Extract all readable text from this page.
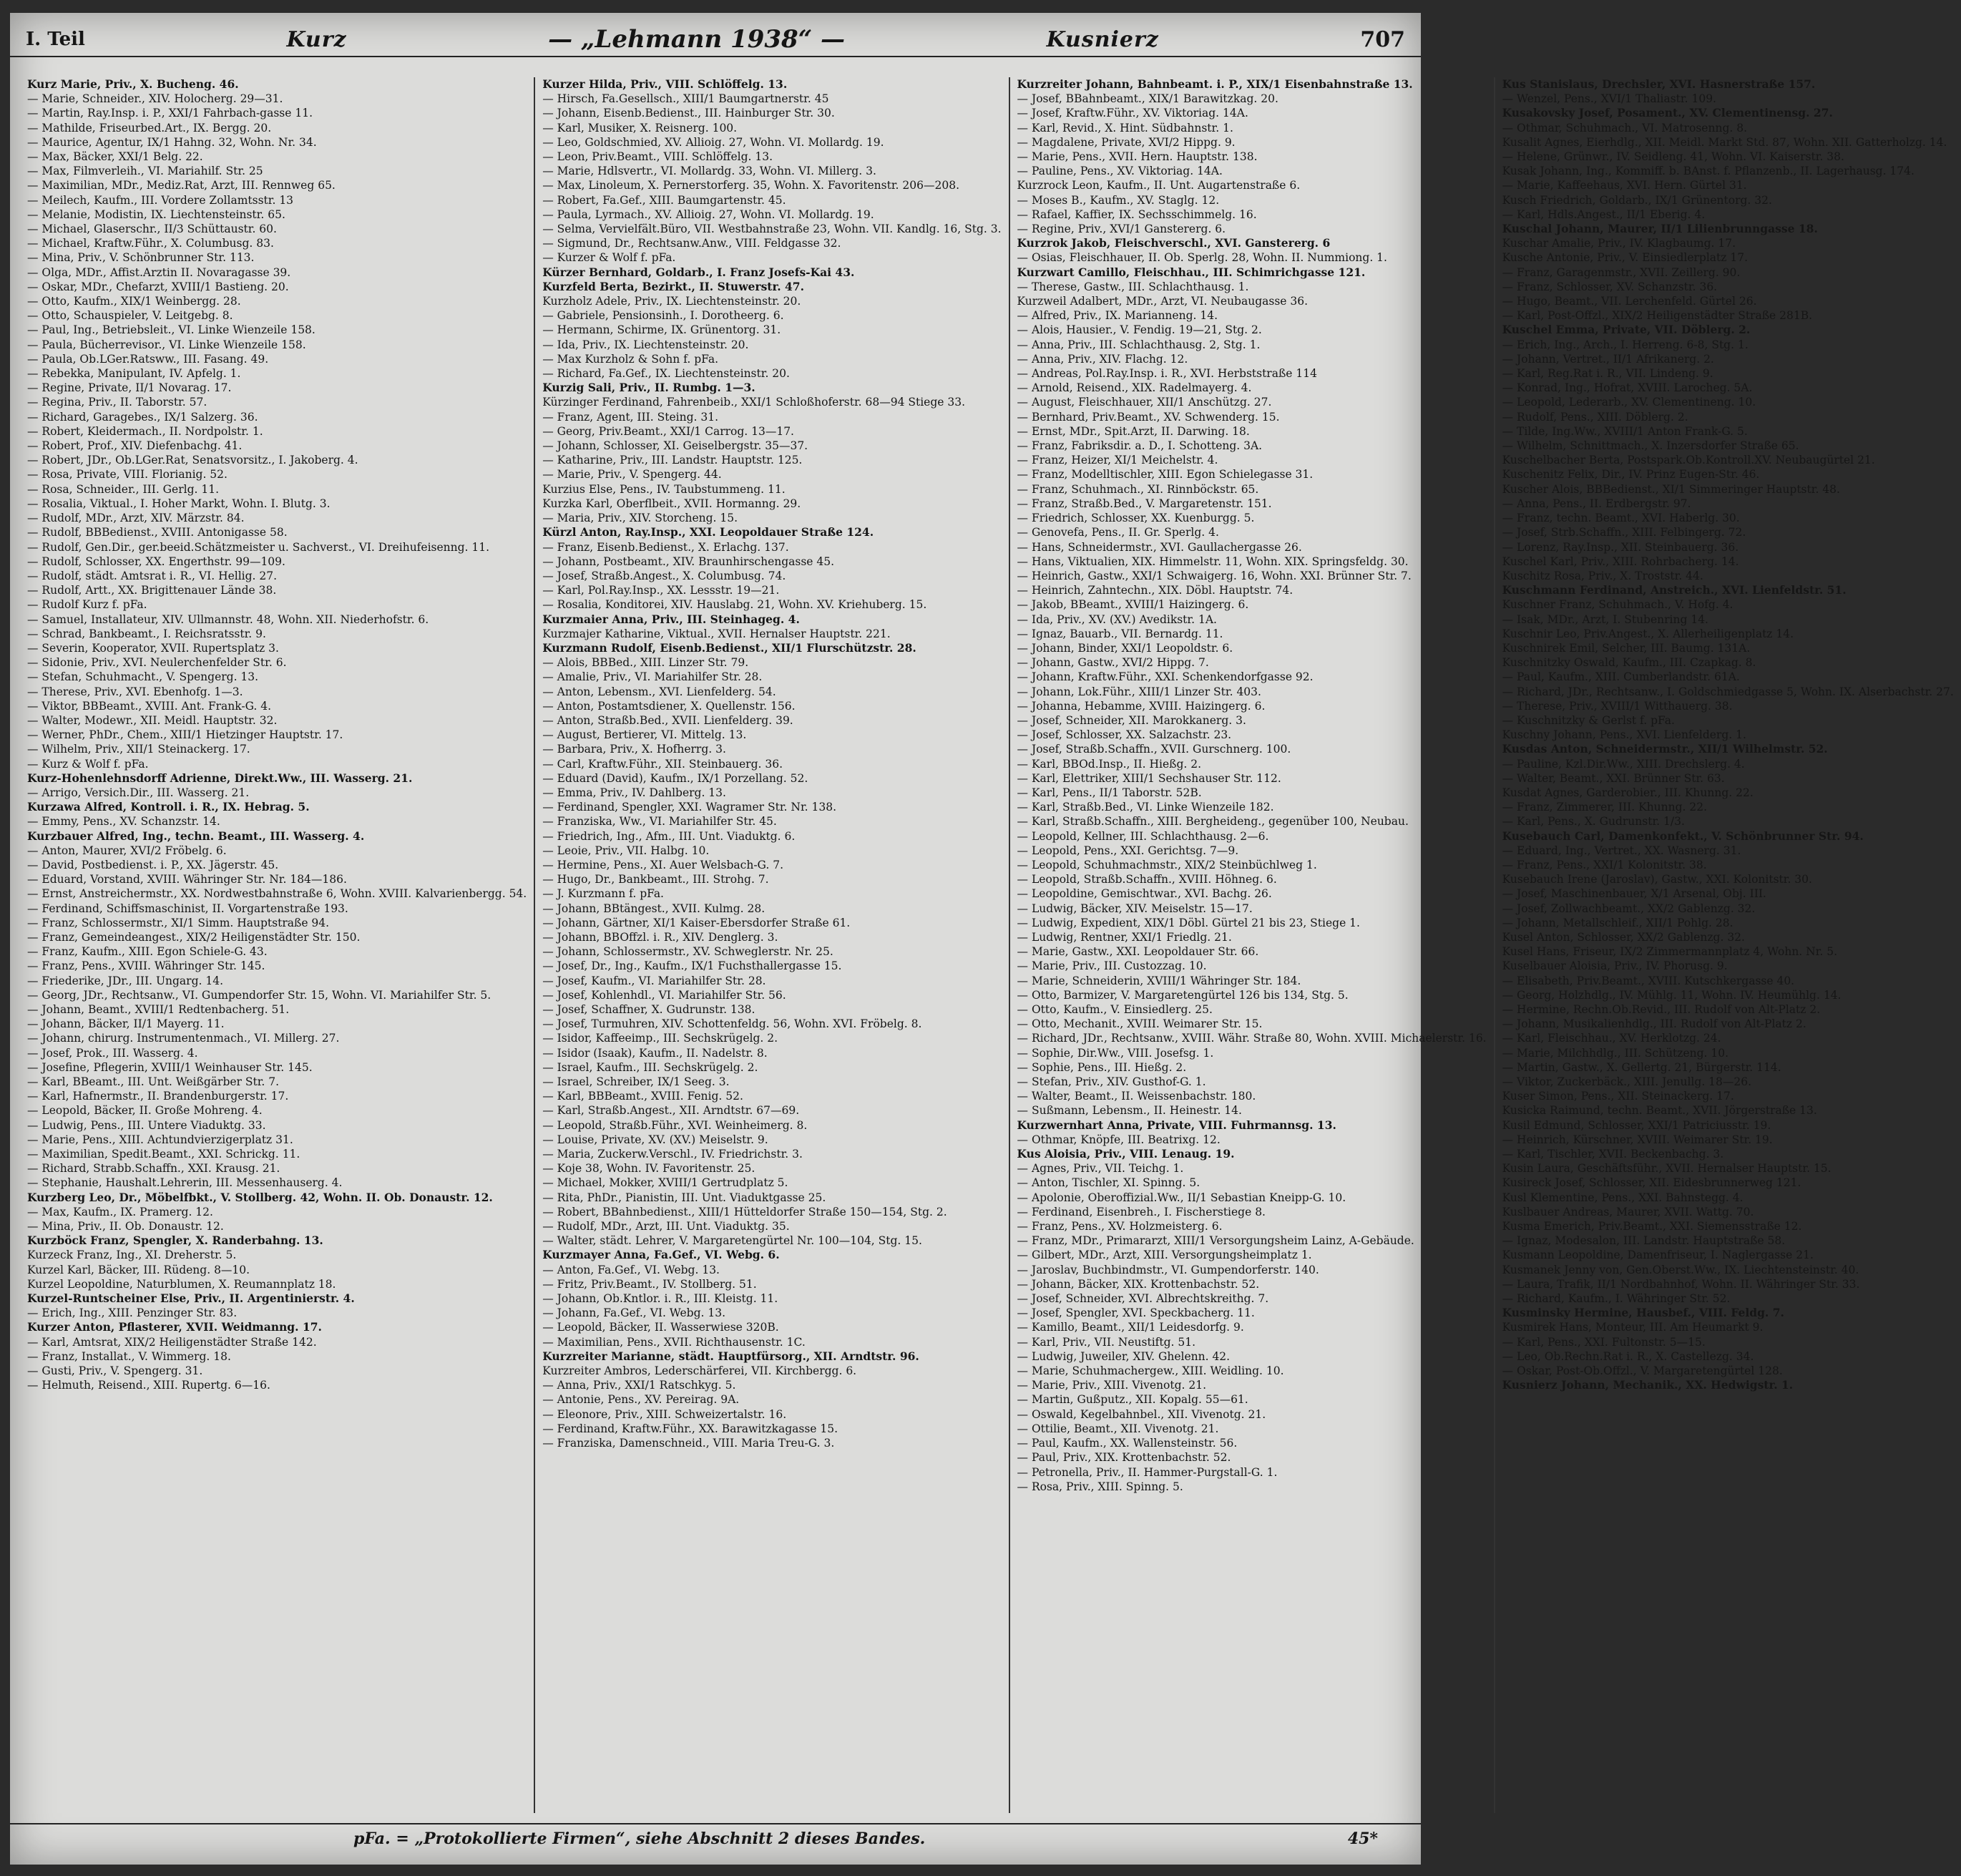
I. Teil	Kurz	— „Lehmann 1938“ —	Kusnierz	707
Kurz Marie, Priv., X. Bucheng. 46.
— Marie, Schneider., XIV. Holocherg. 29—31.
— Martin, Ray.Insp. i. P., XXI/1 Fahrbach-gasse 11.
— Mathilde, Friseurbed.Art., IX. Bergg. 20.
— Maurice, Agentur, IX/1 Hahng. 32, Wohn. Nr. 34.
— Max, Bäcker, XXI/1 Belg. 22.
— Max, Filmverleih., VI. Mariahilf. Str. 25
— Maximilian, MDr., Mediz.Rat, Arzt, III. Rennweg 65.
— Meilech, Kaufm., III. Vordere Zollamtsstr. 13
— Melanie, Modistin, IX. Liechtensteinstr. 65.
— Michael, Glaserschr., II/3 Schüttaustr. 60.
— Michael, Kraftw.Führ., X. Columbusg. 83.
— Mina, Priv., V. Schönbrunner Str. 113.
— Olga, MDr., Affist.Arztin II. Novaragasse 39.
— Oskar, MDr., Chefarzt, XVIII/1 Bastieng. 20.
— Otto, Kaufm., XIX/1 Weinbergg. 28.
— Otto, Schauspieler, V. Leitgebg. 8.
— Paul, Ing., Betriebsleit., VI. Linke Wienzeile 158.
— Paula, Bücherrevisor., VI. Linke Wienzeile 158.
— Paula, Ob.LGer.Ratsww., III. Fasang. 49.
— Rebekka, Manipulant, IV. Apfelg. 1.
— Regine, Private, II/1 Novarag. 17.
— Regina, Priv., II. Taborstr. 57.
— Richard, Garagebes., IX/1 Salzerg. 36.
— Robert, Kleidermach., II. Nordpolstr. 1.
— Robert, Prof., XIV. Diefenbachg. 41.
— Robert, JDr., Ob.LGer.Rat, Senatsvorsitz., I. Jakoberg. 4.
— Rosa, Private, VIII. Florianig. 52.
— Rosa, Schneider., III. Gerlg. 11.
— Rosalia, Viktual., I. Hoher Markt, Wohn. I. Blutg. 3.
— Rudolf, MDr., Arzt, XIV. Märzstr. 84.
— Rudolf, BBBedienst., XVIII. Antonigasse 58.
— Rudolf, Gen.Dir., ger.beeid.Schätzmeister u. Sachverst., VI. Dreihufeisenng. 11.
— Rudolf, Schlosser, XX. Engerthstr. 99—109.
— Rudolf, städt. Amtsrat i. R., VI. Hellig. 27.
— Rudolf, Artt., XX. Brigittenauer Lände 38.
— Rudolf Kurz f. pFa.
— Samuel, Installateur, XIV. Ullmannstr. 48, Wohn. XII. Niederhofstr. 6.
— Schrad, Bankbeamt., I. Reichsratsstr. 9.
— Severin, Kooperator, XVII. Rupertsplatz 3.
— Sidonie, Priv., XVI. Neulerchenfelder Str. 6.
— Stefan, Schuhmacht., V. Spengerg. 13.
— Therese, Priv., XVI. Ebenhofg. 1—3.
— Viktor, BBBeamt., XVIII. Ant. Frank-G. 4.
— Walter, Modewr., XII. Meidl. Hauptstr. 32.
— Werner, PhDr., Chem., XIII/1 Hietzinger Hauptstr. 17.
— Wilhelm, Priv., XII/1 Steinackerg. 17.
— Kurz & Wolf f. pFa.
Kurz-Hohenlehnsdorff Adrienne, Direkt.Ww., III. Wasserg. 21.
— Arrigo, Versich.Dir., III. Wasserg. 21.
Kurzawa Alfred, Kontroll. i. R., IX. Hebrag. 5.
— Emmy, Pens., XV. Schanzstr. 14.
Kurzbauer Alfred, Ing., techn. Beamt., III. Wasserg. 4.
— Anton, Maurer, XVI/2 Fröbelg. 6.
— David, Postbedienst. i. P., XX. Jägerstr. 45.
— Eduard, Vorstand, XVIII. Währinger Str. Nr. 184—186.
— Ernst, Anstreichermstr., XX. Nordwestbahnstraße 6, Wohn. XVIII. Kalvarienbergg. 54.
— Ferdinand, Schiffsmaschinist, II. Vorgartenstraße 193.
— Franz, Schlossermstr., XI/1 Simm. Hauptstraße 94.
— Franz, Gemeindeangest., XIX/2 Heiligenstädter Str. 150.
— Franz, Kaufm., XIII. Egon Schiele-G. 43.
— Franz, Pens., XVIII. Währinger Str. 145.
— Friederike, JDr., III. Ungarg. 14.
— Georg, JDr., Rechtsanw., VI. Gumpendorfer Str. 15, Wohn. VI. Mariahilfer Str. 5.
— Johann, Beamt., XVIII/1 Redtenbacherg. 51.
— Johann, Bäcker, II/1 Mayerg. 11.
— Johann, chirurg. Instrumentenmach., VI. Millerg. 27.
— Josef, Prok., III. Wasserg. 4.
— Josefine, Pflegerin, XVIII/1 Weinhauser Str. 145.
— Karl, BBeamt., III. Unt. Weißgärber Str. 7.
— Karl, Hafnermstr., II. Brandenburgerstr. 17.
— Leopold, Bäcker, II. Große Mohreng. 4.
— Ludwig, Pens., III. Untere Viaduktg. 33.
— Marie, Pens., XIII. Achtundvierzigerplatz 31.
— Maximilian, Spedit.Beamt., XXI. Schrickg. 11.
— Richard, Strabb.Schaffn., XXI. Krausg. 21.
— Stephanie, Haushalt.Lehrerin, III. Messenhauserg. 4.
Kurzberg Leo, Dr., Möbelfbkt., V. Stollberg. 42, Wohn. II. Ob. Donaustr. 12.
— Max, Kaufm., IX. Pramerg. 12.
— Mina, Priv., II. Ob. Donaustr. 12.
Kurzböck Franz, Spengler, X. Randerbahng. 13.
Kurzeck Franz, Ing., XI. Dreherstr. 5.
Kurzel Karl, Bäcker, III. Rüdeng. 8—10.
Kurzel Leopoldine, Naturblumen, X. Reumannplatz 18.
Kurzel-Runtscheiner Else, Priv., II. Argentinierstr. 4.
— Erich, Ing., XIII. Penzinger Str. 83.
Kurzer Anton, Pflasterer, XVII. Weidmanng. 17.
— Karl, Amtsrat, XIX/2 Heiligenstädter Straße 142.
— Franz, Installat., V. Wimmerg. 18.
— Gusti, Priv., V. Spengerg. 31.
— Helmuth, Reisend., XIII. Rupertg. 6—16.
Kurzer Hilda, Priv., VIII. Schlöffelg. 13.
— Hirsch, Fa.Gesellsch., XIII/1 Baumgartnerstr. 45
— Johann, Eisenb.Bedienst., III. Hainburger Str. 30.
— Karl, Musiker, X. Reisnerg. 100.
— Leo, Goldschmied, XV. Allioig. 27, Wohn. VI. Mollardg. 19.
— Leon, Priv.Beamt., VIII. Schlöffelg. 13.
— Marie, Hdlsvertr., VI. Mollardg. 33, Wohn. VI. Millerg. 3.
— Max, Linoleum, X. Pernerstorferg. 35, Wohn. X. Favoritenstr. 206—208.
— Robert, Fa.Gef., XIII. Baumgartenstr. 45.
— Paula, Lyrmach., XV. Allioig. 27, Wohn. VI. Mollardg. 19.
— Selma, Vervielfält.Büro, VII. Westbahnstraße 23, Wohn. VII. Kandlg. 16, Stg. 3.
— Sigmund, Dr., Rechtsanw.Anw., VIII. Feldgasse 32.
— Kurzer & Wolf f. pFa.
Kürzer Bernhard, Goldarb., I. Franz Josefs-Kai 43.
Kurzfeld Berta, Bezirkt., II. Stuwerstr. 47.
Kurzholz Adele, Priv., IX. Liechtensteinstr. 20.
— Gabriele, Pensionsinh., I. Dorotheerg. 6.
— Hermann, Schirme, IX. Grünentorg. 31.
— Ida, Priv., IX. Liechtensteinstr. 20.
— Max Kurzholz & Sohn f. pFa.
— Richard, Fa.Gef., IX. Liechtensteinstr. 20.
Kurzig Sali, Priv., II. Rumbg. 1—3.
Kürzinger Ferdinand, Fahrenbeib., XXI/1 Schloßhoferstr. 68—94 Stiege 33.
— Franz, Agent, III. Steing. 31.
— Georg, Priv.Beamt., XXI/1 Carrog. 13—17.
— Johann, Schlosser, XI. Geiselbergstr. 35—37.
— Katharine, Priv., III. Landstr. Hauptstr. 125.
— Marie, Priv., V. Spengerg. 44.
Kurzius Else, Pens., IV. Taubstummeng. 11.
Kurzka Karl, Oberflbeit., XVII. Hormanng. 29.
— Maria, Priv., XIV. Storcheng. 15.
Kürzl Anton, Ray.Insp., XXI. Leopoldauer Straße 124.
— Franz, Eisenb.Bedienst., X. Erlachg. 137.
— Johann, Postbeamt., XIV. Braunhirschengasse 45.
— Josef, Straßb.Angest., X. Columbusg. 74.
— Karl, Pol.Ray.Insp., XX. Lessstr. 19—21.
— Rosalia, Konditorei, XIV. Hauslabg. 21, Wohn. XV. Kriehuberg. 15.
Kurzmaier Anna, Priv., III. Steinhageg. 4.
Kurzmajer Katharine, Viktual., XVII. Hernalser Hauptstr. 221.
Kurzmann Rudolf, Eisenb.Bedienst., XII/1 Flurschützstr. 28.
— Alois, BBBed., XIII. Linzer Str. 79.
— Amalie, Priv., VI. Mariahilfer Str. 28.
— Anton, Lebensm., XVI. Lienfelderg. 54.
— Anton, Postamtsdiener, X. Quellenstr. 156.
— Anton, Straßb.Bed., XVII. Lienfelderg. 39.
— August, Bertierer, VI. Mittelg. 13.
— Barbara, Priv., X. Hofherrg. 3.
— Carl, Kraftw.Führ., XII. Steinbauerg. 36.
— Eduard (David), Kaufm., IX/1 Porzellang. 52.
— Emma, Priv., IV. Dahlberg. 13.
— Ferdinand, Spengler, XXI. Wagramer Str. Nr. 138.
— Franziska, Ww., VI. Mariahilfer Str. 45.
— Friedrich, Ing., Afm., III. Unt. Viaduktg. 6.
— Leoie, Priv., VII. Halbg. 10.
— Hermine, Pens., XI. Auer Welsbach-G. 7.
— Hugo, Dr., Bankbeamt., III. Strohg. 7.
— J. Kurzmann f. pFa.
— Johann, BBtängest., XVII. Kulmg. 28.
— Johann, Gärtner, XI/1 Kaiser-Ebersdorfer Straße 61.
— Johann, BBOffzl. i. R., XIV. Denglerg. 3.
— Johann, Schlossermstr., XV. Schweglerstr. Nr. 25.
— Josef, Dr., Ing., Kaufm., IX/1 Fuchsthallergasse 15.
— Josef, Kaufm., VI. Mariahilfer Str. 28.
— Josef, Kohlenhdl., VI. Mariahilfer Str. 56.
— Josef, Schaffner, X. Gudrunstr. 138.
— Josef, Turmuhren, XIV. Schottenfeldg. 56, Wohn. XVI. Fröbelg. 8.
— Isidor, Kaffeeimp., III. Sechskrügelg. 2.
— Isidor (Isaak), Kaufm., II. Nadelstr. 8.
— Israel, Kaufm., III. Sechskrügelg. 2.
— Israel, Schreiber, IX/1 Seeg. 3.
— Karl, BBBeamt., XVIII. Fenig. 52.
— Karl, Straßb.Angest., XII. Arndtstr. 67—69.
— Leopold, Straßb.Führ., XVI. Weinheimerg. 8.
— Louise, Private, XV. (XV.) Meiselstr. 9.
— Maria, Zuckerw.Verschl., IV. Friedrichstr. 3.
— Koje 38, Wohn. IV. Favoritenstr. 25.
— Michael, Mokker, XVIII/1 Gertrudplatz 5.
— Rita, PhDr., Pianistin, III. Unt. Viaduktgasse 25.
— Robert, BBahnbedienst., XIII/1 Hütteldorfer Straße 150—154, Stg. 2.
— Rudolf, MDr., Arzt, III. Unt. Viaduktg. 35.
— Walter, städt. Lehrer, V. Margaretengürtel Nr. 100—104, Stg. 15.
Kurzmayer Anna, Fa.Gef., VI. Webg. 6.
— Anton, Fa.Gef., VI. Webg. 13.
— Fritz, Priv.Beamt., IV. Stollberg. 51.
— Johann, Ob.Kntlor. i. R., III. Kleistg. 11.
— Johann, Fa.Gef., VI. Webg. 13.
— Leopold, Bäcker, II. Wasserwiese 320B.
— Maximilian, Pens., XVII. Richthausenstr. 1C.
Kurzreiter Marianne, städt. Hauptfürsorg., XII. Arndtstr. 96.
Kurzreiter Ambros, Lederschärferei, VII. Kirchbergg. 6.
— Anna, Priv., XXI/1 Ratschkyg. 5.
— Antonie, Pens., XV. Pereirag. 9A.
— Eleonore, Priv., XIII. Schweizertalstr. 16.
— Ferdinand, Kraftw.Führ., XX. Barawitzkagasse 15.
— Franziska, Damenschneid., VIII. Maria Treu-G. 3.
Kurzreiter Johann, Bahnbeamt. i. P., XIX/1 Eisenbahnstraße 13.
— Josef, BBahnbeamt., XIX/1 Barawitzkag. 20.
— Josef, Kraftw.Führ., XV. Viktoriag. 14A.
— Karl, Revid., X. Hint. Südbahnstr. 1.
— Magdalene, Private, XVI/2 Hippg. 9.
— Marie, Pens., XVII. Hern. Hauptstr. 138.
— Pauline, Pens., XV. Viktoriag. 14A.
Kurzrock Leon, Kaufm., II. Unt. Augartenstraße 6.
— Moses B., Kaufm., XV. Staglg. 12.
— Rafael, Kaffier, IX. Sechsschimmelg. 16.
— Regine, Priv., XVI/1 Ganstererg. 6.
Kurzrok Jakob, Fleischverschl., XVI. Ganstererg. 6
— Osias, Fleischhauer, II. Ob. Sperlg. 28, Wohn. II. Nummiong. 1.
Kurzwart Camillo, Fleischhau., III. Schimrichgasse 121.
— Therese, Gastw., III. Schlachthausg. 1.
Kurzweil Adalbert, MDr., Arzt, VI. Neubaugasse 36.
— Alfred, Priv., IX. Marianneng. 14.
— Alois, Hausier., V. Fendig. 19—21, Stg. 2.
— Anna, Priv., III. Schlachthausg. 2, Stg. 1.
— Anna, Priv., XIV. Flachg. 12.
— Andreas, Pol.Ray.Insp. i. R., XVI. Herbststraße 114
— Arnold, Reisend., XIX. Radelmayerg. 4.
— August, Fleischhauer, XII/1 Anschützg. 27.
— Bernhard, Priv.Beamt., XV. Schwenderg. 15.
— Ernst, MDr., Spit.Arzt, II. Darwing. 18.
— Franz, Fabriksdir. a. D., I. Schotteng. 3A.
— Franz, Heizer, XI/1 Meichelstr. 4.
— Franz, Modelltischler, XIII. Egon Schielegasse 31.
— Franz, Schuhmach., XI. Rinnböckstr. 65.
— Franz, Straßb.Bed., V. Margaretenstr. 151.
— Friedrich, Schlosser, XX. Kuenburgg. 5.
— Genovefa, Pens., II. Gr. Sperlg. 4.
— Hans, Schneidermstr., XVI. Gaullachergasse 26.
— Hans, Viktualien, XIX. Himmelstr. 11, Wohn. XIX. Springsfeldg. 30.
— Heinrich, Gastw., XXI/1 Schwaigerg. 16, Wohn. XXI. Brünner Str. 7.
— Heinrich, Zahntechn., XIX. Döbl. Hauptstr. 74.
— Jakob, BBeamt., XVIII/1 Haizingerg. 6.
— Ida, Priv., XV. (XV.) Avedikstr. 1A.
— Ignaz, Bauarb., VII. Bernardg. 11.
— Johann, Binder, XXI/1 Leopoldstr. 6.
— Johann, Gastw., XVI/2 Hippg. 7.
— Johann, Kraftw.Führ., XXI. Schenkendorfgasse 92.
— Johann, Lok.Führ., XIII/1 Linzer Str. 403.
— Johanna, Hebamme, XVIII. Haizingerg. 6.
— Josef, Schneider, XII. Marokkanerg. 3.
— Josef, Schlosser, XX. Salzachstr. 23.
— Josef, Straßb.Schaffn., XVII. Gurschnerg. 100.
— Karl, BBOd.Insp., II. Hießg. 2.
— Karl, Elettriker, XIII/1 Sechshauser Str. 112.
— Karl, Pens., II/1 Taborstr. 52B.
— Karl, Straßb.Bed., VI. Linke Wienzeile 182.
— Karl, Straßb.Schaffn., XIII. Bergheideng., gegenüber 100, Neubau.
— Leopold, Kellner, III. Schlachthausg. 2—6.
— Leopold, Pens., XXI. Gerichtsg. 7—9.
— Leopold, Schuhmachmstr., XIX/2 Steinbüchlweg 1.
— Leopold, Straßb.Schaffn., XVIII. Höhneg. 6.
— Leopoldine, Gemischtwar., XVI. Bachg. 26.
— Ludwig, Bäcker, XIV. Meiselstr. 15—17.
— Ludwig, Expedient, XIX/1 Döbl. Gürtel 21 bis 23, Stiege 1.
— Ludwig, Rentner, XXI/1 Friedlg. 21.
— Marie, Gastw., XXI. Leopoldauer Str. 66.
— Marie, Priv., III. Custozzag. 10.
— Marie, Schneiderin, XVIII/1 Währinger Str. 184.
— Otto, Barmizer, V. Margaretengürtel 126 bis 134, Stg. 5.
— Otto, Kaufm., V. Einsiedlerg. 25.
— Otto, Mechanit., XVIII. Weimarer Str. 15.
— Richard, JDr., Rechtsanw., XVIII. Währ. Straße 80, Wohn. XVIII. Michaelerstr. 16.
— Sophie, Dir.Ww., VIII. Josefsg. 1.
— Sophie, Pens., III. Hießg. 2.
— Stefan, Priv., XIV. Gusthof-G. 1.
— Walter, Beamt., II. Weissenbachstr. 180.
— Sußmann, Lebensm., II. Heinestr. 14.
Kurzwernhart Anna, Private, VIII. Fuhrmannsg. 13.
— Othmar, Knöpfe, III. Beatrixg. 12.
Kus Aloisia, Priv., VIII. Lenaug. 19.
— Agnes, Priv., VII. Teichg. 1.
— Anton, Tischler, XI. Spinng. 5.
— Apolonie, Oberoffizial.Ww., II/1 Sebastian Kneipp-G. 10.
— Ferdinand, Eisenbreh., I. Fischerstiege 8.
— Franz, Pens., XV. Holzmeisterg. 6.
— Franz, MDr., Primararzt, XIII/1 Versorgungsheim Lainz, A-Gebäude.
— Gilbert, MDr., Arzt, XIII. Versorgungsheimplatz 1.
— Jaroslav, Buchbindmstr., VI. Gumpendorferstr. 140.
— Johann, Bäcker, XIX. Krottenbachstr. 52.
— Josef, Schneider, XVI. Albrechtskreithg. 7.
— Josef, Spengler, XVI. Speckbacherg. 11.
— Kamillo, Beamt., XII/1 Leidesdorfg. 9.
— Karl, Priv., VII. Neustiftg. 51.
— Ludwig, Juweiler, XIV. Ghelenn. 42.
— Marie, Schuhmachergew., XIII. Weidling. 10.
— Marie, Priv., XIII. Vivenotg. 21.
— Martin, Gußputz., XII. Kopalg. 55—61.
— Oswald, Kegelbahnbel., XII. Vivenotg. 21.
— Ottilie, Beamt., XII. Vivenotg. 21.
— Paul, Kaufm., XX. Wallensteinstr. 56.
— Paul, Priv., XIX. Krottenbachstr. 52.
— Petronella, Priv., II. Hammer-Purgstall-G. 1.
— Rosa, Priv., XIII. Spinng. 5.
Kus Stanislaus, Drechsler, XVI. Hasnerstraße 157.
— Wenzel, Pens., XVI/1 Thaliastr. 109.
Kusakovsky Josef, Posament., XV. Clementinensg. 27.
— Othmar, Schuhmach., VI. Matrosenng. 8.
Kusalit Agnes, Eierhdlg., XII. Meidl. Markt Std. 87, Wohn. XII. Gatterholzg. 14.
— Helene, Grünwr., IV. Seidleng. 41, Wohn. VI. Kaiserstr. 38.
Kusak Johann, Ing., Kommiff. b. BAnst. f. Pflanzenb., II. Lagerhausg. 174.
— Marie, Kaffeehaus, XVI. Hern. Gürtel 31.
Kusch Friedrich, Goldarb., IX/1 Grünentorg. 32.
— Karl, Hdls.Angest., II/1 Eberig. 4.
Kuschal Johann, Maurer, II/1 Lilienbrunngasse 18.
Kuschar Amalie, Priv., IV. Klagbaumg. 17.
Kusche Antonie, Priv., V. Einsiedlerplatz 17.
— Franz, Garagenmstr., XVII. Zeillerg. 90.
— Franz, Schlosser, XV. Schanzstr. 36.
— Hugo, Beamt., VII. Lerchenfeld. Gürtel 26.
— Karl, Post-Offzl., XIX/2 Heiligenstädter Straße 281B.
Kuschel Emma, Private, VII. Döblerg. 2.
— Erich, Ing., Arch., I. Herreng. 6-8, Stg. 1.
— Johann, Vertret., II/1 Afrikanerg. 2.
— Karl, Reg.Rat i. R., VII. Lindeng. 9.
— Konrad, Ing., Hofrat, XVIII. Larocheg. 5A.
— Leopold, Lederarb., XV. Clementineng. 10.
— Rudolf, Pens., XIII. Döblerg. 2.
— Tilde, Ing.Ww., XVIII/1 Anton Frank-G. 5.
— Wilhelm, Schnittmach., X. Inzersdorfer Straße 65.
Kuschelbacher Berta, Postspark.Ob.Kontroll.XV. Neubaugürtel 21.
Kuschenitz Felix, Dir., IV. Prinz Eugen-Str. 46.
Kuscher Alois, BBBedienst., XI/1 Simmeringer Hauptstr. 48.
— Anna, Pens., II. Erdbergstr. 97.
— Franz, techn. Beamt., XVI. Haberlg. 30.
— Josef, Strb.Schaffn., XIII. Felbingerg. 72.
— Lorenz, Ray.Insp., XII. Steinbauerg. 36.
Kuschel Karl, Priv., XIII. Rohrbacherg. 14.
Kuschitz Rosa, Priv., X. Troststr. 44.
Kuschmann Ferdinand, Anstreich., XVI. Lienfeldstr. 51.
Kuschner Franz, Schuhmach., V. Hofg. 4.
— Isak, MDr., Arzt, I. Stubenring 14.
Kuschnir Leo, Priv.Angest., X. Allerheiligenplatz 14.
Kuschnirek Emil, Selcher, III. Baumg. 131A.
Kuschnitzky Oswald, Kaufm., III. Czapkag. 8.
— Paul, Kaufm., XIII. Cumberlandstr. 61A.
— Richard, JDr., Rechtsanw., I. Goldschmiedgasse 5, Wohn. IX. Alserbachstr. 27.
— Therese, Priv., XVIII/1 Witthauerg. 38.
— Kuschnitzky & Gerlst f. pFa.
Kuschny Johann, Pens., XVI. Lienfelderg. 1.
Kusdas Anton, Schneidermstr., XII/1 Wilhelmstr. 52.
— Pauline, Kzl.Dir.Ww., XIII. Drechslerg. 4.
— Walter, Beamt., XXI. Brünner Str. 63.
Kusdat Agnes, Garderobier., III. Khunng. 22.
— Franz, Zimmerer, III. Khunng. 22.
— Karl, Pens., X. Gudrunstr. 1/3.
Kusebauch Carl, Damenkonfekt., V. Schönbrunner Str. 94.
— Eduard, Ing., Vertret., XX. Wasnerg. 31.
— Franz, Pens., XXI/1 Kolonitstr. 38.
Kusebauch Irene (Jaroslav), Gastw., XXI. Kolonitstr. 30.
— Josef, Maschinenbauer, X/1 Arsenal, Obj. III.
— Josef, Zollwachbeamt., XX/2 Gablenzg. 32.
— Johann, Metallschleif., XII/1 Pohlg. 28.
Kusel Anton, Schlosser, XX/2 Gablenzg. 32.
Kusel Hans, Friseur, IX/2 Zimmermannplatz 4, Wohn. Nr. 5.
Kuselbauer Aloisia, Priv., IV. Phorusg. 9.
— Elisabeth, Priv.Beamt., XVIII. Kutschkergasse 40.
— Georg, Holzhdlg., IV. Mühlg. 11, Wohn. IV. Heumühlg. 14.
— Hermine, Rechn.Ob.Revid., III. Rudolf von Alt-Platz 2.
— Johann, Musikalienhdlg., III. Rudolf von Alt-Platz 2.
— Karl, Fleischhau., XV. Herklotzg. 24.
— Marie, Milchhdlg., III. Schützeng. 10.
— Martin, Gastw., X. Gellertg. 21, Bürgerstr. 114.
— Viktor, Zuckerbäck., XIII. Jenullg. 18—26.
Kuser Simon, Pens., XII. Steinackerg. 17.
Kusicka Raimund, techn. Beamt., XVII. Jörgerstraße 13.
Kusil Edmund, Schlosser, XXI/1 Patriciusstr. 19.
— Heinrich, Kürschner, XVIII. Weimarer Str. 19.
— Karl, Tischler, XVII. Beckenbachg. 3.
Kusin Laura, Geschäftsführ., XVII. Hernalser Hauptstr. 15.
Kusireck Josef, Schlosser, XII. Eidesbrunnerweg 121.
Kusl Klementine, Pens., XXI. Bahnstegg. 4.
Kuslbauer Andreas, Maurer, XVII. Wattg. 70.
Kusma Emerich, Priv.Beamt., XXI. Siemensstraße 12.
— Ignaz, Modesalon, III. Landstr. Hauptstraße 58.
Kusmann Leopoldine, Damenfriseur, I. Naglergasse 21.
Kusmanek Jenny von, Gen.Oberst.Ww., IX. Liechtensteinstr. 40.
— Laura, Trafik, II/1 Nordbahnhof, Wohn. II. Währinger Str. 33.
— Richard, Kaufm., I. Währinger Str. 52.
Kusminsky Hermine, Hausbef., VIII. Feldg. 7.
Kusmirek Hans, Monteur, III. Am Heumarkt 9.
— Karl, Pens., XXI. Fultonstr. 5—15.
— Leo, Ob.Rechn.Rat i. R., X. Castellezg. 34.
— Oskar, Post-Ob.Offzl., V. Margaretengürtel 128.
Kusnierz Johann, Mechanik., XX. Hedwigstr. 1.
pFa. = „Protokollierte Firmen“, siehe Abschnitt 2 dieses Bandes.	45*
